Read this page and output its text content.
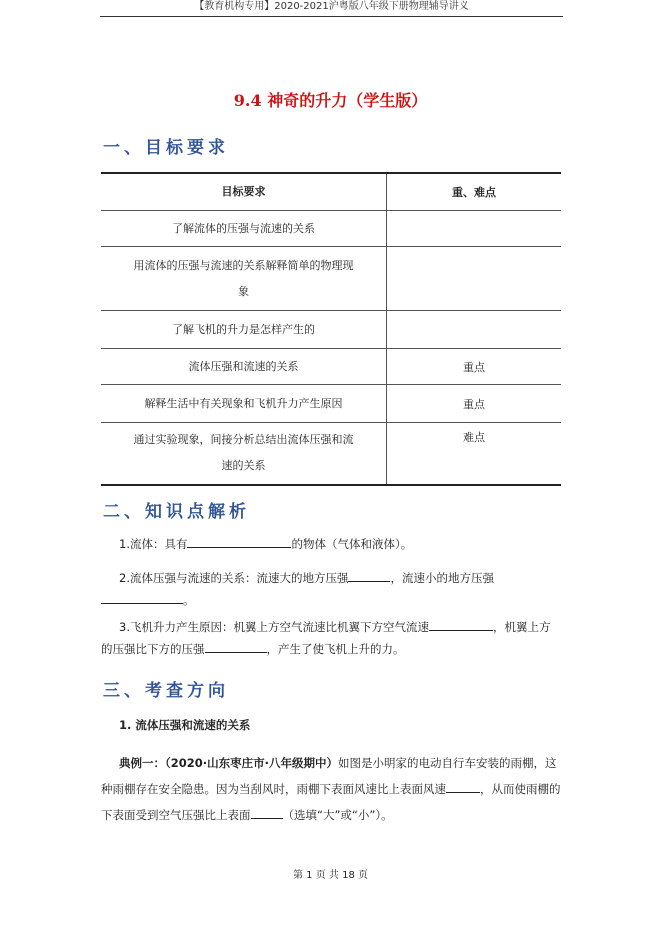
【教育机构专用】2020-2021沪粤版八年级下册物理辅导讲义
9.4 神奇的升力（学生版）
一、目标要求
目标要求	重、难点
了解流体的压强与流速的关系	
用流体的压强与流速的关系解释简单的物理现象	
了解飞机的升力是怎样产生的	
流体压强和流速的关系	重点
解释生活中有关现象和飞机升力产生原因	重点
通过实验现象，间接分析总结出流体压强和流速的关系	难点
二、知识点解析
1.流体：具有	的物体（气体和液体）。
2.流体压强与流速的关系：流速大的地方压强	，流速小的地方压强
。
3.飞机升力产生原因：机翼上方空气流速比机翼下方空气流速	，机翼上方
的压强比下方的压强	，产生了使飞机上升的力。
三、考查方向
1. 流体压强和流速的关系
典例一：（2020·山东枣庄市·八年级期中）如图是小明家的电动自行车安装的雨棚，这
种雨棚存在安全隐患。因为当刮风时，雨棚下表面风速比上表面风速	，从而使雨棚的
下表面受到空气压强比上表面	（选填“大”或“小”）。
第 1 页 共 18 页
